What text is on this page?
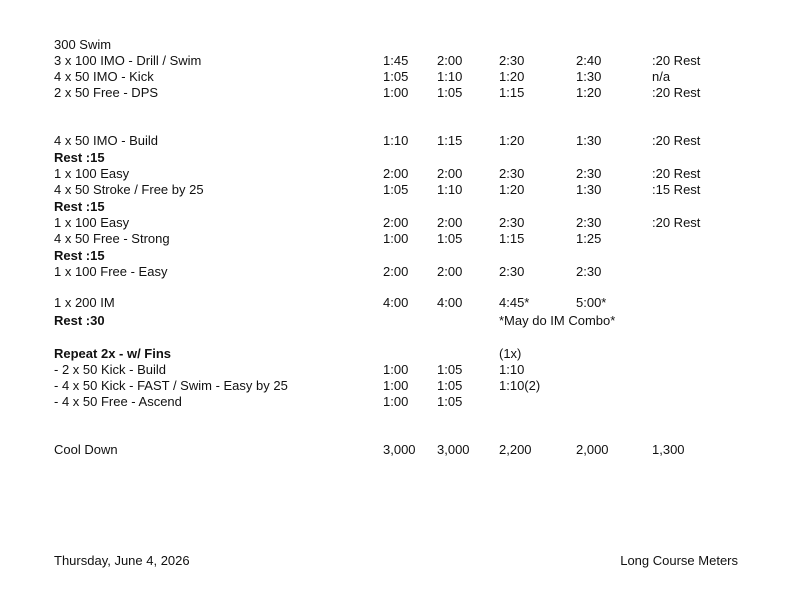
300 Swim
3 x 100 IMO - Drill / Swim	1:45 2:00	2:30	2:40	:20 Rest
4 x 50 IMO - Kick	1:05 1:10	1:20	1:30	n/a
2 x 50 Free - DPS	1:00 1:05	1:15	1:20	:20 Rest
4 x 50 IMO - Build	1:10 1:15	1:20	1:30	:20 Rest
Rest :15
1 x 100 Easy	2:00 2:00	2:30	2:30	:20 Rest
4 x 50 Stroke / Free by 25	1:05 1:10	1:20	1:30	:15 Rest
Rest :15
1 x 100 Easy	2:00 2:00	2:30	2:30	:20 Rest
4 x 50 Free - Strong	1:00 1:05	1:15	1:25
Rest :15
1 x 100 Free - Easy	2:00 2:00	2:30	2:30
1 x 200 IM	4:00 4:00	4:45*	5:00*
Rest :30	*May do IM Combo*
Repeat 2x - w/ Fins	(1x)
- 2 x 50 Kick - Build	1:00 1:05	1:10
- 4 x 50 Kick - FAST / Swim - Easy by 25	1:00 1:05	1:10(2)
- 4 x 50 Free - Ascend	1:00 1:05
Cool Down	3,000 3,000 2,200	2,000	1,300
Thursday, June 4, 2026	Long Course Meters
